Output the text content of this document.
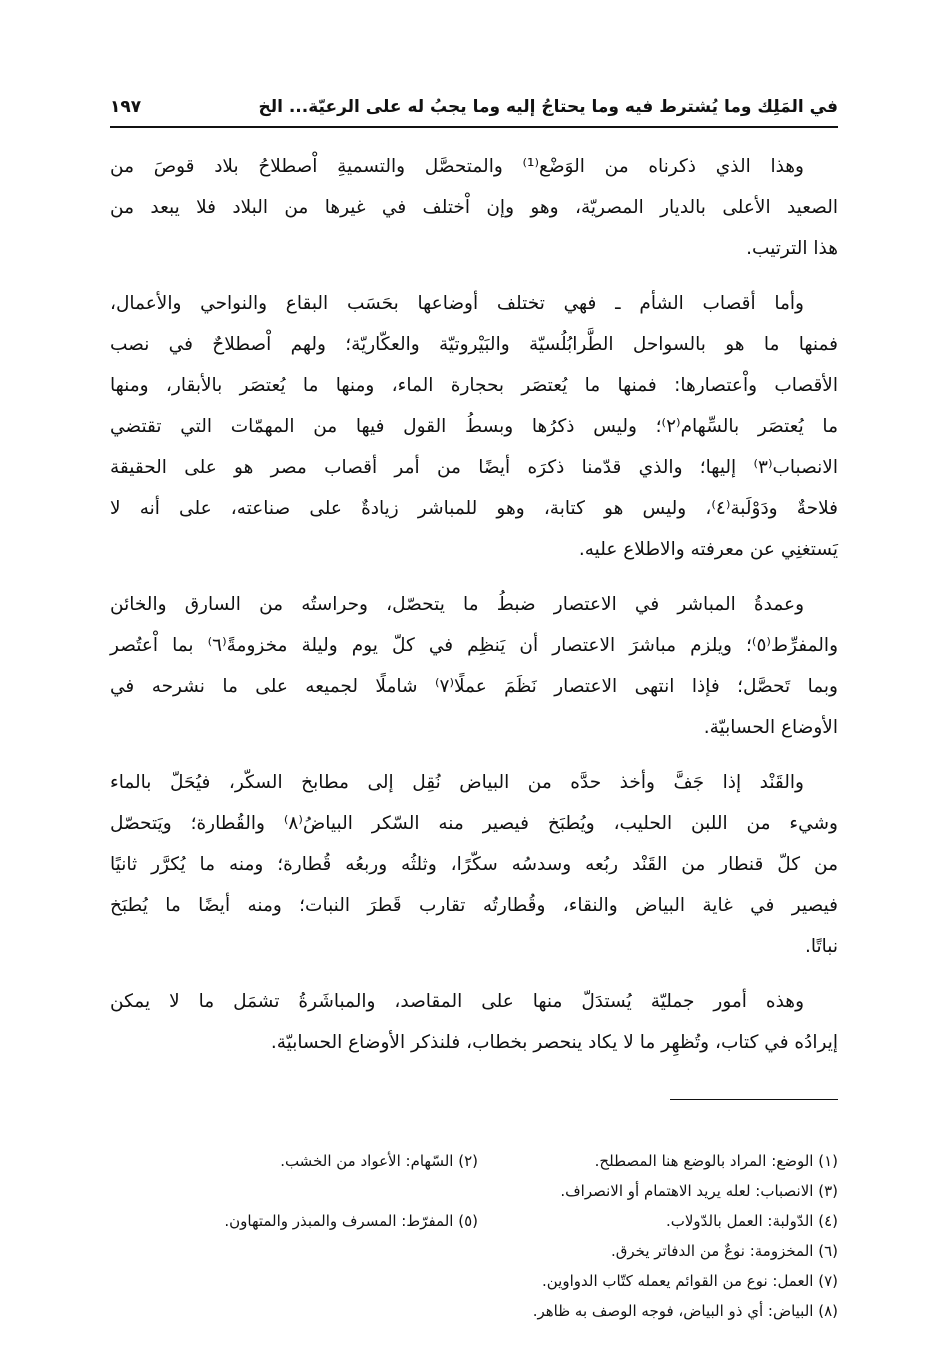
في المَلِك وما يُشترط فيه وما يحتاجُ إليه وما يجبُ له على الرعيّة... الخ
١٩٧
وهذا الذي ذكرناه من الوَضْع⁽¹⁾ والمتحصَّل والتسميةِ اْصطلاحُ بلاد قوصَ من
الصعيد الأعلى بالديار المصريّة، وهو وإن اْختلف في غيرها من البلاد فلا يبعد من
هذا الترتيب.
وأما أقصاب الشأم ـ فهي تختلف أوضاعها بحَسَب البقاع والنواحي والأعمال،
فمنها ما هو بالسواحل الطَّرابُلُسيّة والبَيْروتيّة والعكّاريّة؛ ولهم اْصطلاحٌ في نصب
الأقصاب واْعتصارها: فمنها ما يُعتصَر بحجارة الماء، ومنها ما يُعتصَر بالأبقار، ومنها
ما يُعتصَر بالسِّهام⁽٢⁾؛ وليس ذكرُها وبسطُ القول فيها من المهمّات التي تقتضي
الانصباب⁽٣⁾ إليها؛ والذي قدّمنا ذكرَه أيضًا من أمر أقصاب مصر هو على الحقيقة
فلاحةٌ ودَوْلَبة⁽٤⁾، وليس هو كتابة، وهو للمباشر زيادةٌ على صناعته، على أنه لا
يَستغنِي عن معرفته والاطلاع عليه.
وعمدةُ المباشر في الاعتصار ضبطُ ما يتحصّل، وحراستُه من السارق والخائن
والمفرِّط⁽٥⁾؛ ويلزم مباشرَ الاعتصار أن يَنظِم في كلّ يوم وليلة مخزومةً⁽٦⁾ بما اْعتُصر
وبما تَحصَّل؛ فإذا انتهى الاعتصار نَظَمَ عملًا⁽٧⁾ شاملًا لجميعه على ما نشرحه في
الأوضاع الحسابيّة.
والقَنْد إذا جَفَّ وأخذ حدَّه من البياض نُقِل إلى مطابخ السكّر، فيُحَلّ بالماء
وشيء من اللبن الحليب، ويُطبَخ فيصير منه السّكر البياضُ⁽٨⁾ والقُطارة؛ ويَتحصّل
من كلّ قنطار من القَنْد ربُعه وسدسُه سكّرًا، وثلثُه وربعُه قُطارة؛ ومنه ما يُكرَّر ثانيًا
فيصير في غاية البياض والنقاء، وقُطارتُه تقارب قَطرَ النبات؛ ومنه أيضًا ما يُطبَخ
نباتًا.
وهذه أمور جمليّة يُستدَلّ منها على المقاصد، والمباشَرةُ تشمَل ما لا يمكن
إيرادُه في كتاب، وتُظهِر ما لا يكاد ينحصر بخطاب، فلنذكر الأوضاع الحسابيّة.
(١) الوضع: المراد بالوضع هنا المصطلح.
(٢) السّهام: الأعواد من الخشب.
(٣) الانصباب: لعله يريد الاهتمام أو الانصراف.
(٤) الدّولبة: العمل بالدّولاب.
(٥) المفرّط: المسرف والمبذر والمتهاون.
(٦) المخزومة: نوعٌ من الدفاتر يخرق.
(٧) العمل: نوع من القوائم يعمله كتّاب الدواوين.
(٨) البياض: أي ذو البياض، فوجه الوصف به ظاهر.
